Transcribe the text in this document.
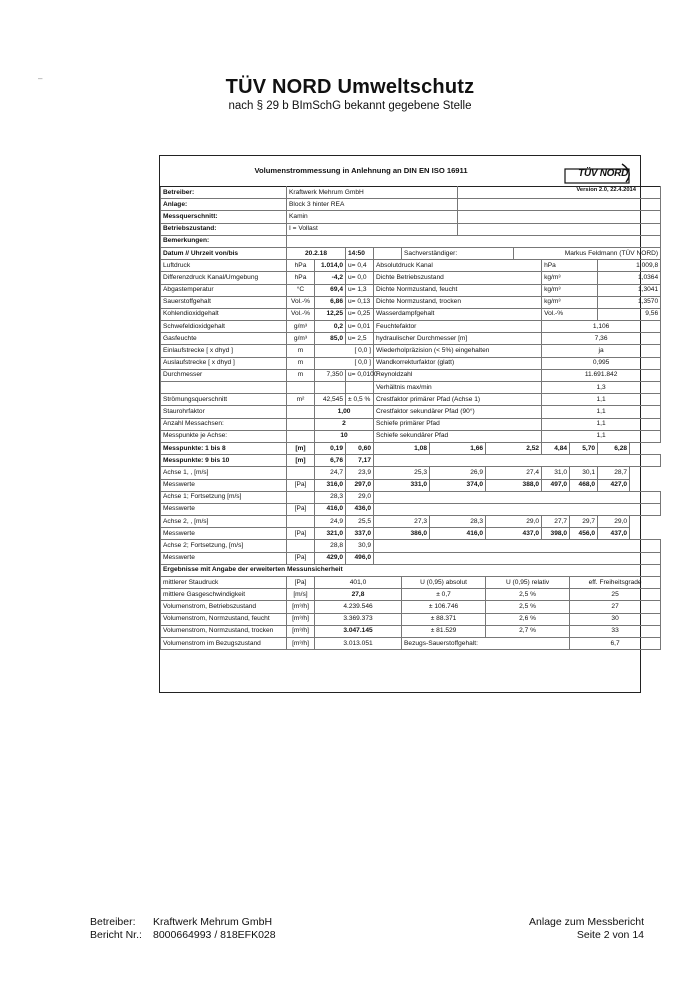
–	TÜV NORD Umweltschutz
nach § 29 b BImSchG bekannt gegebene Stelle
Volumenstrommessung in Anlehnung an DIN EN ISO 16911	TÜV NORD
Version 2.0, 22.4.2014
Betreiber:	Kraftwerk Mehrum GmbH											
Anlage:	Block 3 hinter REA											
Messquerschnitt:	Kamin											
Betriebszustand:	I = Vollast											
Bemerkungen:												
Datum // Uhrzeit von/bis	20.2.18		14:50		Sachverständiger:				Markus Feldmann (TÜV NORD)			
Luftdruck	hPa	1.014,0	u= 0,4	Absolutdruck Kanal						hPa		1.009,8
Differenzdruck Kanal/Umgebung	hPa	-4,2	u= 0,0	Dichte Betriebszustand						kg/m³		1,0364
Abgastemperatur	°C	69,4	u= 1,3	Dichte Normzustand, feucht						kg/m³		1,3041
Sauerstoffgehalt	Vol.-%	6,86	u= 0,13	Dichte Normzustand, trocken						kg/m³		1,3570
Kohlendioxidgehalt	Vol.-%	12,25	u= 0,25	Wasserdampfgehalt						Vol.-%		9,56
Schwefeldioxidgehalt	g/m³	0,2	u= 0,01	Feuchtefaktor						1,106		
Gasfeuchte	g/m³	85,0	u= 2,5	hydraulischer Durchmesser [m]						7,36		
Einlaufstrecke [ x dhyd ]	m	[ 0,0 ]		Wiederholpräzision (< 5%) eingehalten						ja		
Auslaufstrecke [ x dhyd ]	m	[ 0,0 ]		Wandkorrekturfaktor (glatt)						0,995		
Durchmesser	m	7,350	u= 0,0100	Reynoldzahl						11.691.842		
				Verhältnis max/min						1,3		
Strömungsquerschnitt	m²	42,545	± 0,5 %	Crestfaktor primärer Pfad (Achse 1)						1,1		
Staurohrfaktor		1,00		Crestfaktor sekundärer Pfad (90°)						1,1		
Anzahl Messachsen:		2		Schiefe primärer Pfad						1,1		
Messpunkte je Achse:		10		Schiefe sekundärer Pfad						1,1		
Messpunkte: 1 bis 8	[m]	0,19	0,60	1,08		1,66		2,52		4,84	5,70	6,28
Messpunkte: 9 bis 10	[m]	6,76	7,17									
Achse 1, , [m/s]		24,7	23,9	25,3		26,9		27,4		31,0	30,1	28,7
Messwerte	[Pa]	316,0	297,0	331,0		374,0		388,0		497,0	468,0	427,0
Achse 1; Fortsetzung [m/s]		28,3	29,0									
Messwerte	[Pa]	416,0	436,0									
Achse 2, , [m/s]		24,9	25,5	27,3		28,3		29,0		27,7	29,7	29,0
Messwerte	[Pa]	321,0	337,0	386,0		416,0		437,0		398,0	456,0	437,0
Achse 2; Fortsetzung, [m/s]		28,8	30,9									
Messwerte	[Pa]	429,0	496,0									
Ergebnisse mit Angabe der erweiterten Messunsicherheit												
mittlerer Staudruck	[Pa]	401,0			U (0,95) absolut			U (0,95) relativ			eff. Freiheitsgrade	
mittlere Gasgeschwindigkeit	[m/s]	27,8			± 0,7			2,5 %			25	
Volumenstrom, Betriebszustand	[m³/h]	4.239.546			± 106.746			2,5 %			27	
Volumenstrom, Normzustand, feucht	[m³/h]	3.369.373			± 88.371			2,6 %			30	
Volumenstrom, Normzustand, trocken	[m³/h]	3.047.145			± 81.529			2,7 %			33	
Volumenstrom im Bezugszustand	[m³/h]	3.013.051			Bezugs-Sauerstoffgehalt:						6,7	
Betreiber: Kraftwerk Mehrum GmbH
Bericht Nr.: 8000664993 / 818EFK028
Anlage zum Messbericht
Seite 2 von 14
